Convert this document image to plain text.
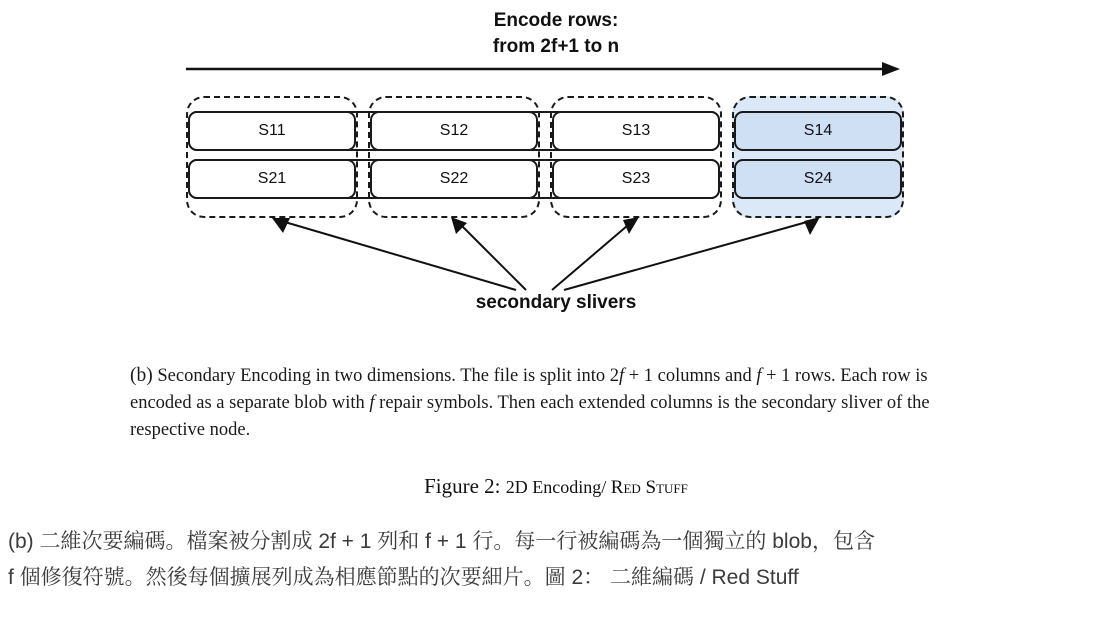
Encode rows:
from 2f+1 to n
S11	S12	S13	S14
S21	S22	S23	S24
secondary slivers
(b) Secondary Encoding in two dimensions. The file is split into 2f + 1 columns and f + 1 rows. Each row is encoded as a separate blob with f repair symbols. Then each extended columns is the secondary sliver of the respective node.
Figure 2: 2D Encoding/ Red Stuff
(b) 二維次要編碼。檔案被分割成 2f + 1 列和 f + 1 行。每一行被編碼為一個獨立的 blob，包含
f 個修復符號。然後每個擴展列成為相應節點的次要細片。圖 2： 二維編碼 / Red Stuff
